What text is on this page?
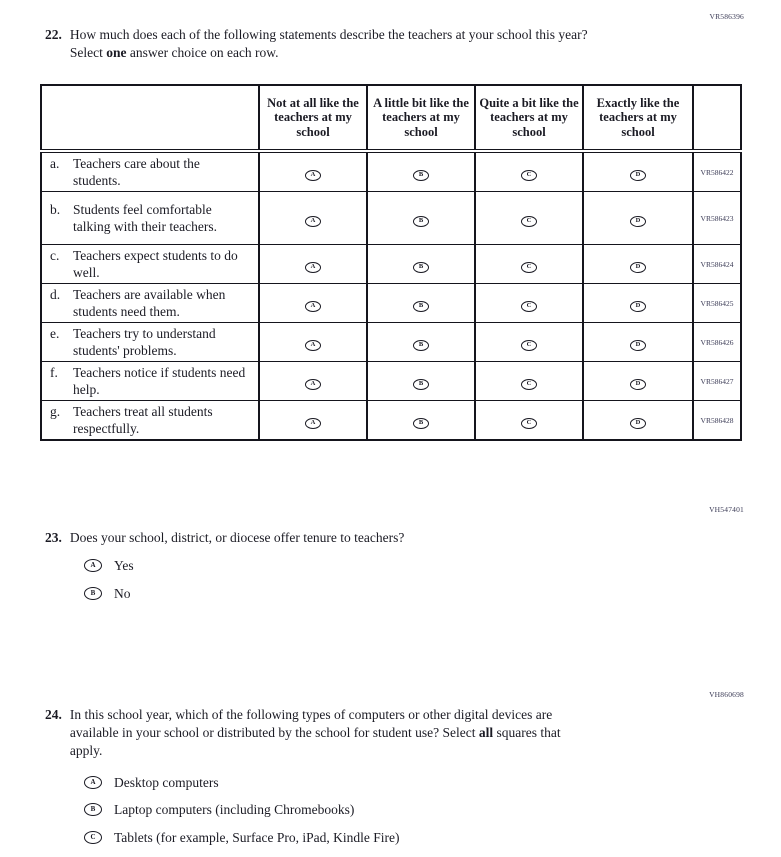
VR586396
22. How much does each of the following statements describe the teachers at your school this year? Select one answer choice on each row.
	Not at all like the teachers at my school	A little bit like the teachers at my school	Quite a bit like the teachers at my school	Exactly like the teachers at my school	
a. Teachers care about the students.	A	B	C	D	VR586422
b. Students feel comfortable talking with their teachers.	A	B	C	D	VR586423
c. Teachers expect students to do well.	A	B	C	D	VR586424
d. Teachers are available when students need them.	A	B	C	D	VR586425
e. Teachers try to understand students' problems.	A	B	C	D	VR586426
f. Teachers notice if students need help.	A	B	C	D	VR586427
g. Teachers treat all students respectfully.	A	B	C	D	VR586428
VH547401
23. Does your school, district, or diocese offer tenure to teachers?
A Yes
B No
VH860698
24. In this school year, which of the following types of computers or other digital devices are available in your school or distributed by the school for student use? Select all squares that apply.
A Desktop computers
B Laptop computers (including Chromebooks)
C Tablets (for example, Surface Pro, iPad, Kindle Fire)
